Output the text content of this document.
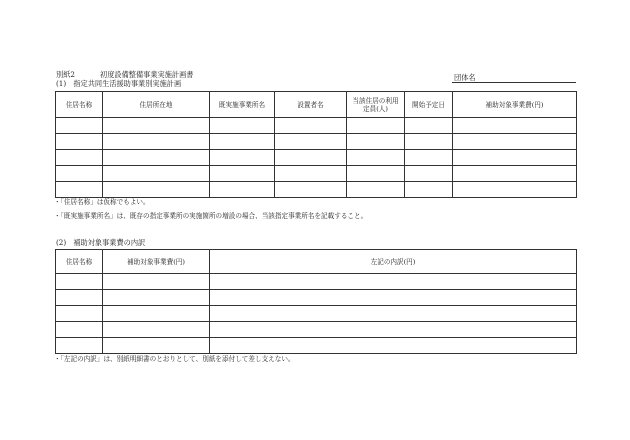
別紙2	初度設備整備事業実施計画書	団体名
(1)　指定共同生活援助事業別実施計画
住居名称	住居所在地	既実施事業所名	設置者名	当該住居の利用定員(人)	開始予定日	補助対象事業費(円)

・「住居名称」は仮称でもよい。
・「既実施事業所名」は、既存の指定事業所の実施箇所の増設の場合、当該指定事業所名を記載すること。
(2)　補助対象事業費の内訳
住居名称	補助対象事業費(円)	左記の内訳(円)

・「左記の内訳」は、別紙明細書のとおりとして、別紙を添付して差し支えない。
